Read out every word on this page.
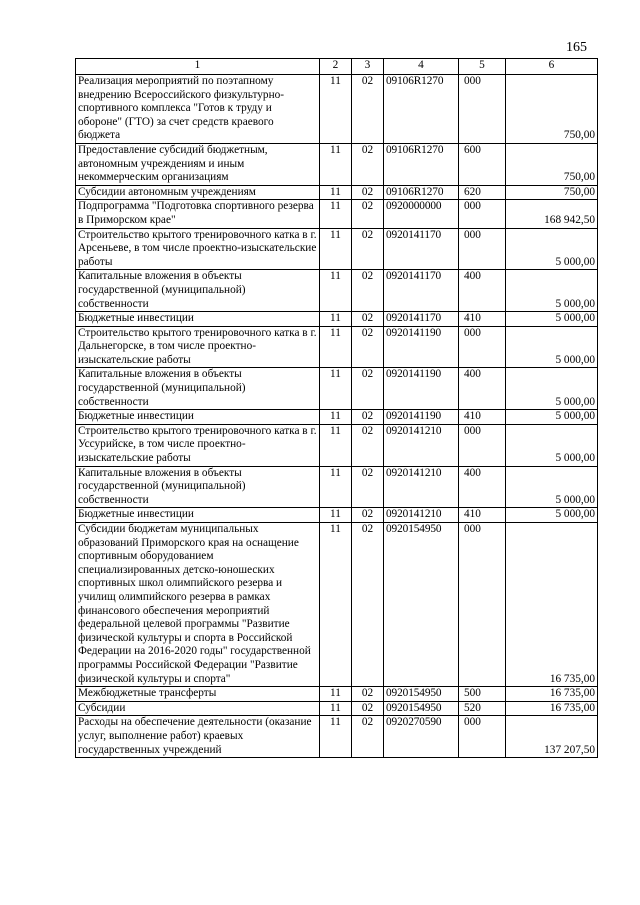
165
1	2	3	4	5	6
Реализация мероприятий по поэтапному внедрению Всероссийского физкультурно-спортивного комплекса "Готов к труду и обороне" (ГТО) за счет средств краевого бюджета	11	02	09106R1270	000	750,00
Предоставление субсидий бюджетным, автономным учреждениям и иным некоммерческим организациям	11	02	09106R1270	600	750,00
Субсидии автономным учреждениям	11	02	09106R1270	620	750,00
Подпрограмма "Подготовка спортивного резерва в Приморском крае"	11	02	0920000000	000	168 942,50
Строительство крытого тренировочного катка в г. Арсеньеве, в том числе проектно-изыскательские работы	11	02	0920141170	000	5 000,00
Капитальные вложения в объекты государственной (муниципальной) собственности	11	02	0920141170	400	5 000,00
Бюджетные инвестиции	11	02	0920141170	410	5 000,00
Строительство крытого тренировочного катка в г. Дальнегорске, в том числе проектно-изыскательские работы	11	02	0920141190	000	5 000,00
Капитальные вложения в объекты государственной (муниципальной) собственности	11	02	0920141190	400	5 000,00
Бюджетные инвестиции	11	02	0920141190	410	5 000,00
Строительство крытого тренировочного катка в г. Уссурийске, в том числе проектно-изыскательские работы	11	02	0920141210	000	5 000,00
Капитальные вложения в объекты государственной (муниципальной) собственности	11	02	0920141210	400	5 000,00
Бюджетные инвестиции	11	02	0920141210	410	5 000,00
Субсидии бюджетам муниципальных образований Приморского края на оснащение спортивным оборудованием специализированных детско-юношеских спортивных школ олимпийского резерва и училищ олимпийского резерва в рамках финансового обеспечения мероприятий федеральной целевой программы "Развитие физической культуры и спорта в Российской Федерации на 2016-2020 годы" государственной программы Российской Федерации "Развитие физической культуры и спорта"	11	02	0920154950	000	16 735,00
Межбюджетные трансферты	11	02	0920154950	500	16 735,00
Субсидии	11	02	0920154950	520	16 735,00
Расходы на обеспечение деятельности (оказание услуг, выполнение работ) краевых государственных учреждений	11	02	0920270590	000	137 207,50
